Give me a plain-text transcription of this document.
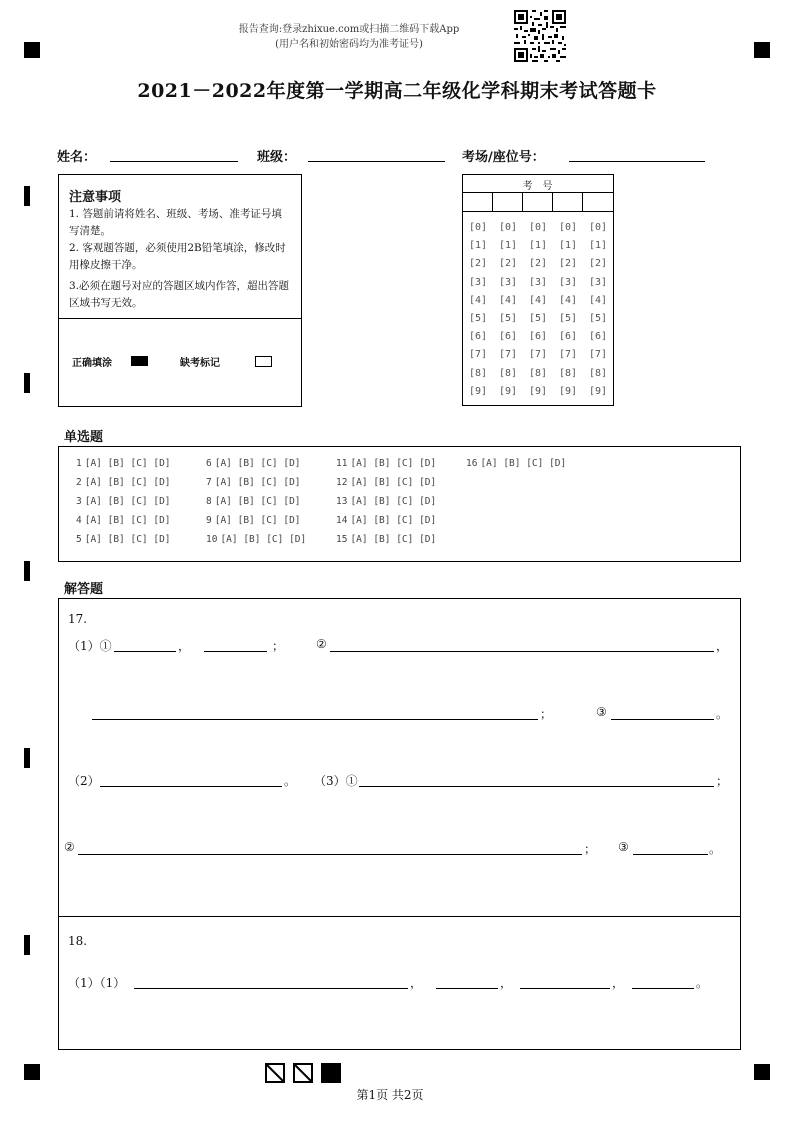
报告查询:登录zhixue.com或扫描二维码下载App
(用户名和初始密码均为准考证号)
2021－2022年度第一学期高二年级化学科期末考试答题卡
姓名：	班级：	考场/座位号：
注意事项
1. 答题前请将姓名、班级、考场、准考证号填写清楚。
2. 客观题答题，必须使用2B铅笔填涂，修改时用橡皮擦干净。
3.必须在题号对应的答题区域内作答，超出答题区域书写无效。
正确填涂	缺考标记
考　号
[0]	[0]	[0]	[0]	[0]
[1]	[1]	[1]	[1]	[1]
[2]	[2]	[2]	[2]	[2]
[3]	[3]	[3]	[3]	[3]
[4]	[4]	[4]	[4]	[4]
[5]	[5]	[5]	[5]	[5]
[6]	[6]	[6]	[6]	[6]
[7]	[7]	[7]	[7]	[7]
[8]	[8]	[8]	[8]	[8]
[9]	[9]	[9]	[9]	[9]
单选题
1 [A] [B] [C] [D]
2 [A] [B] [C] [D]
3 [A] [B] [C] [D]
4 [A] [B] [C] [D]
5 [A] [B] [C] [D]
6 [A] [B] [C] [D]
7 [A] [B] [C] [D]
8 [A] [B] [C] [D]
9 [A] [B] [C] [D]
10 [A] [B] [C] [D]
11 [A] [B] [C] [D]
12 [A] [B] [C] [D]
13 [A] [B] [C] [D]
14 [A] [B] [C] [D]
15 [A] [B] [C] [D]
16 [A] [B] [C] [D]
解答题
17.
（1）①	，	；	②	，
；	③	。
（2）	。 （3）①	；
②	； ③	。
18.
（1）（1）	，	，	，	。
第1页 共2页
